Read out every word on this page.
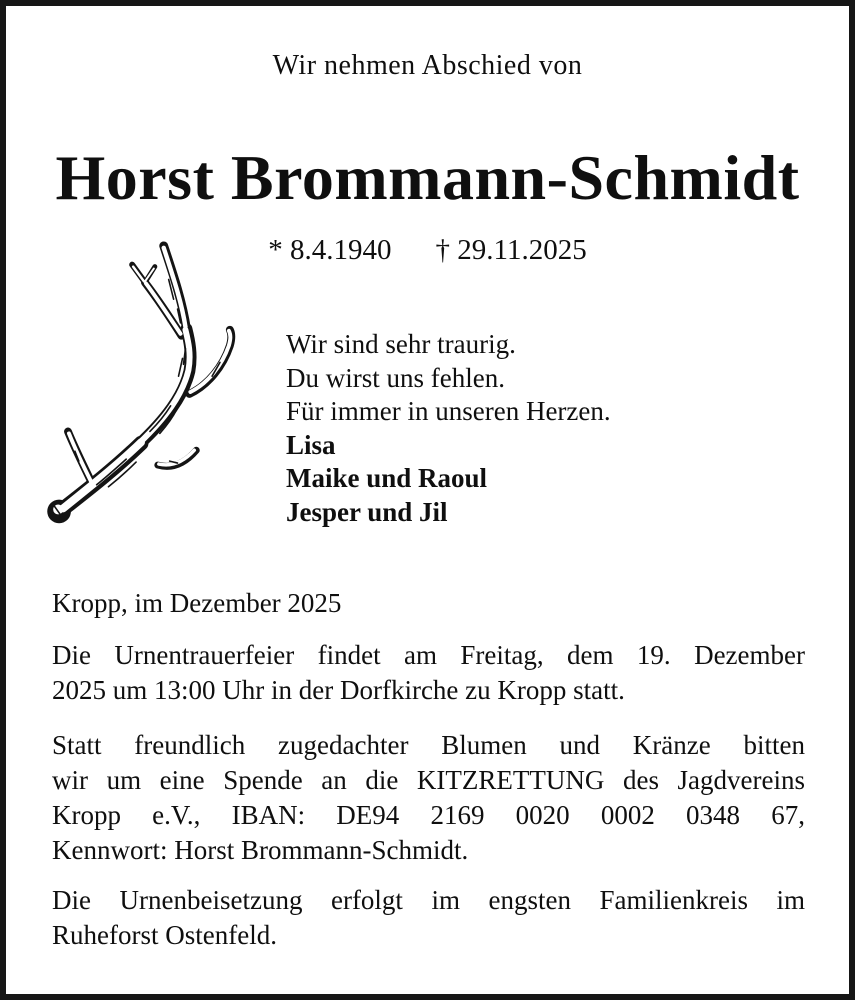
Wir nehmen Abschied von
Horst Brommann-Schmidt
* 8.4.1940 † 29.11.2025
Wir sind sehr traurig.
Du wirst uns fehlen.
Für immer in unseren Herzen.
Lisa
Maike und Raoul
Jesper und Jil
Kropp, im Dezember 2025
Die Urnentrauerfeier findet am Freitag, dem 19. Dezember
2025 um 13:00 Uhr in der Dorfkirche zu Kropp statt.
Statt freundlich zugedachter Blumen und Kränze bitten
wir um eine Spende an die KITZRETTUNG des Jagdvereins
Kropp e.V., IBAN: DE94 2169 0020 0002 0348 67,
Kennwort: Horst Brommann-Schmidt.
Die Urnenbeisetzung erfolgt im engsten Familienkreis im
Ruheforst Ostenfeld.
